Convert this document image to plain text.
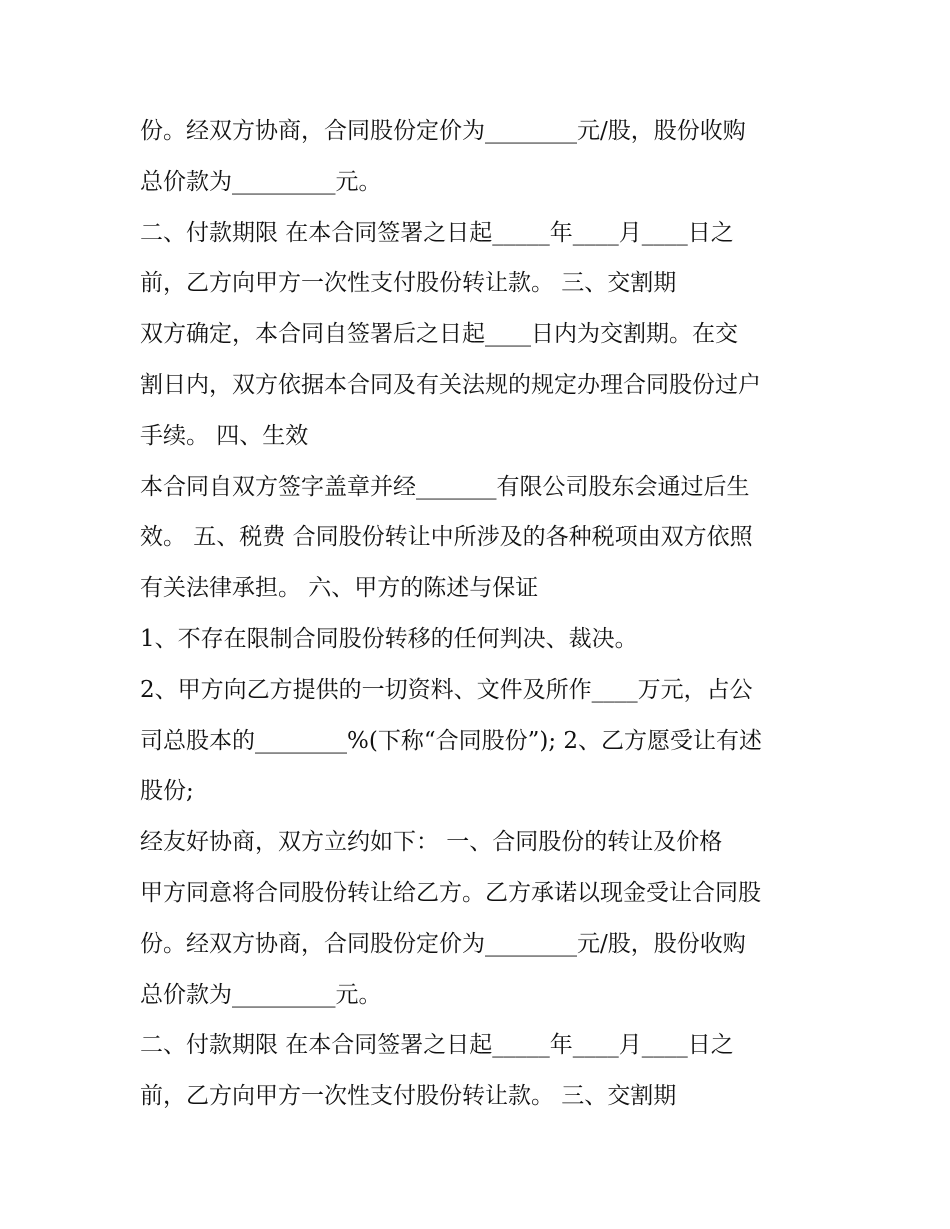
份。经双方协商，合同股份定价为________元/股，股份收购
总价款为_________元。
二、付款期限 在本合同签署之日起_____年____月____日之
前，乙方向甲方一次性支付股份转让款。 三、交割期
双方确定，本合同自签署后之日起____日内为交割期。在交
割日内，双方依据本合同及有关法规的规定办理合同股份过户
手续。 四、生效
本合同自双方签字盖章并经_______有限公司股东会通过后生
效。 五、税费 合同股份转让中所涉及的各种税项由双方依照
有关法律承担。 六、甲方的陈述与保证
1、不存在限制合同股份转移的任何判决、裁决。
2、甲方向乙方提供的一切资料、文件及所作____万元，占公
司总股本的________%(下称“合同股份”); 2、乙方愿受让有述
股份;
经友好协商，双方立约如下： 一、合同股份的转让及价格
甲方同意将合同股份转让给乙方。乙方承诺以现金受让合同股
份。经双方协商，合同股份定价为________元/股，股份收购
总价款为_________元。
二、付款期限 在本合同签署之日起_____年____月____日之
前，乙方向甲方一次性支付股份转让款。 三、交割期
